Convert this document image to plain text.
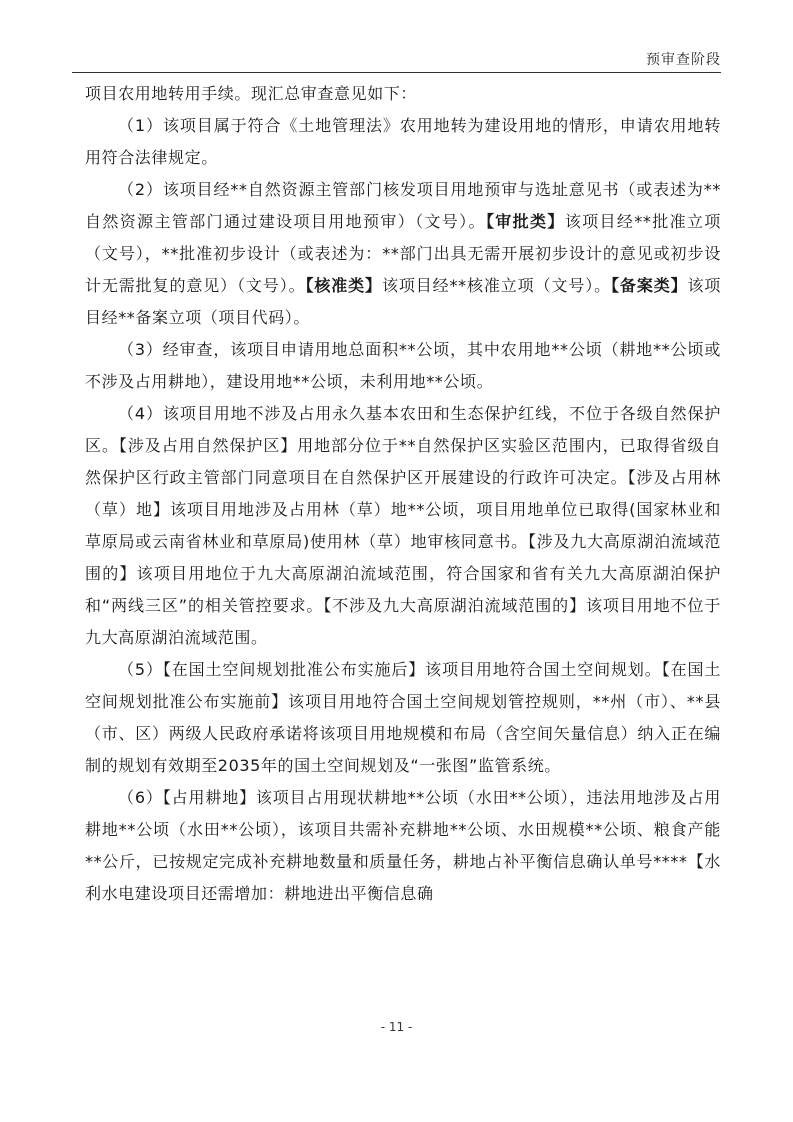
预审查阶段

项目农用地转用手续。现汇总审查意见如下：

（1）该项目属于符合《土地管理法》农用地转为建设用地的情形，申请农用地转用符合法律规定。

（2）该项目经**自然资源主管部门核发项目用地预审与选址意见书（或表述为**自然资源主管部门通过建设项目用地预审）（文号）。【审批类】该项目经**批准立项（文号），**批准初步设计（或表述为：**部门出具无需开展初步设计的意见或初步设计无需批复的意见）（文号）。【核准类】该项目经**核准立项（文号）。【备案类】该项目经**备案立项（项目代码）。

（3）经审查，该项目申请用地总面积**公顷，其中农用地**公顷（耕地**公顷或不涉及占用耕地），建设用地**公顷，未利用地**公顷。

（4）该项目用地不涉及占用永久基本农田和生态保护红线，不位于各级自然保护区。【涉及占用自然保护区】用地部分位于**自然保护区实验区范围内，已取得省级自然保护区行政主管部门同意项目在自然保护区开展建设的行政许可决定。【涉及占用林（草）地】该项目用地涉及占用林（草）地**公顷，项目用地单位已取得(国家林业和草原局或云南省林业和草原局)使用林（草）地审核同意书。【涉及九大高原湖泊流域范围的】该项目用地位于九大高原湖泊流域范围，符合国家和省有关九大高原湖泊保护和“两线三区”的相关管控要求。【不涉及九大高原湖泊流域范围的】该项目用地不位于九大高原湖泊流域范围。

（5）【在国土空间规划批准公布实施后】该项目用地符合国土空间规划。【在国土空间规划批准公布实施前】该项目用地符合国土空间规划管控规则，**州（市）、**县（市、区）两级人民政府承诺将该项目用地规模和布局（含空间矢量信息）纳入正在编制的规划有效期至2035年的国土空间规划及“一张图”监管系统。

（6）【占用耕地】该项目占用现状耕地**公顷（水田**公顷），违法用地涉及占用耕地**公顷（水田**公顷），该项目共需补充耕地**公顷、水田规模**公顷、粮食产能**公斤，已按规定完成补充耕地数量和质量任务，耕地占补平衡信息确认单号****【水利水电建设项目还需增加：耕地进出平衡信息确

- 11 -
